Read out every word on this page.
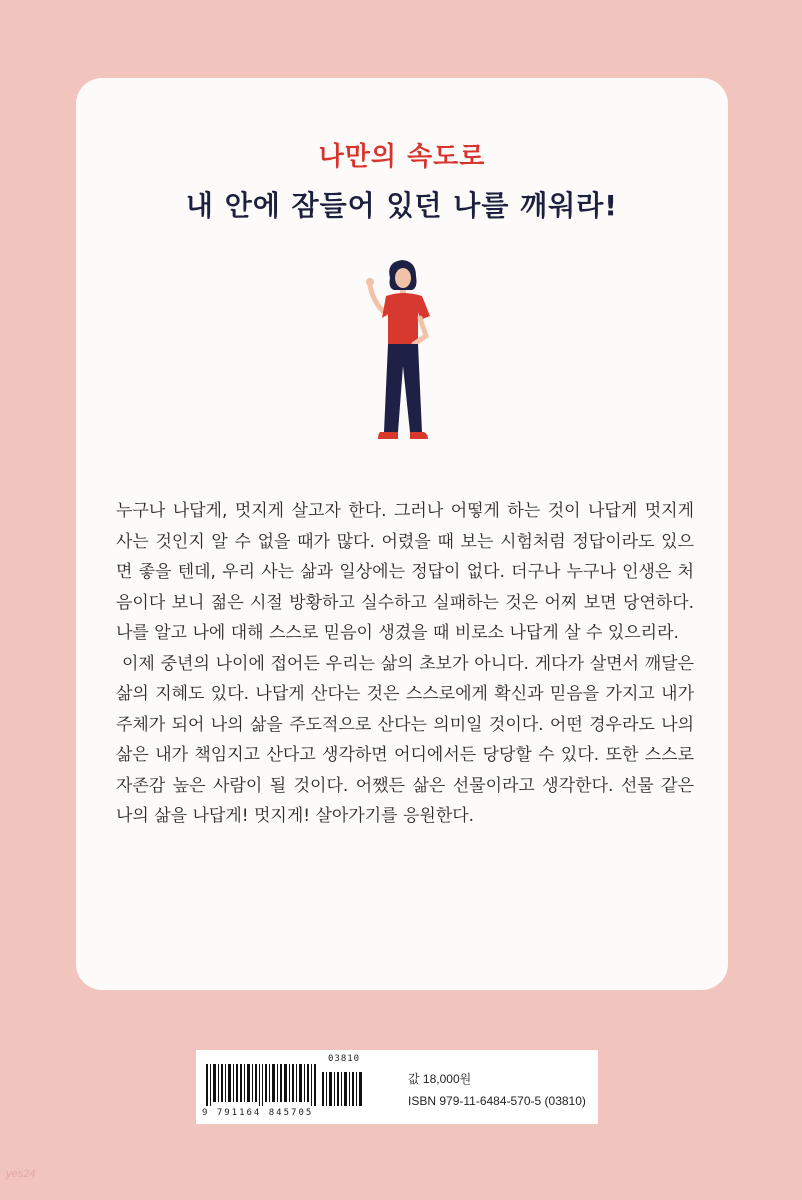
나만의 속도로
내 안에 잠들어 있던 나를 깨워라!

누구나 나답게, 멋지게 살고자 한다. 그러나 어떻게 하는 것이 나답게 멋지게 사는 것인지 알 수 없을 때가 많다. 어렸을 때 보는 시험처럼 정답이라도 있으면 좋을 텐데, 우리 사는 삶과 일상에는 정답이 없다. 더구나 누구나 인생은 처음이다 보니 젊은 시절 방황하고 실수하고 실패하는 것은 어찌 보면 당연하다. 나를 알고 나에 대해 스스로 믿음이 생겼을 때 비로소 나답게 살 수 있으리라.

이제 중년의 나이에 접어든 우리는 삶의 초보가 아니다. 게다가 살면서 깨달은 삶의 지혜도 있다. 나답게 산다는 것은 스스로에게 확신과 믿음을 가지고 내가 주체가 되어 나의 삶을 주도적으로 산다는 의미일 것이다. 어떤 경우라도 나의 삶은 내가 책임지고 산다고 생각하면 어디에서든 당당할 수 있다. 또한 스스로 자존감 높은 사람이 될 것이다. 어쨌든 삶은 선물이라고 생각한다. 선물 같은 나의 삶을 나답게! 멋지게! 살아가기를 응원한다.

03810
9 791164 845705
값 18,000원
ISBN 979-11-6484-570-5 (03810)
yes24
